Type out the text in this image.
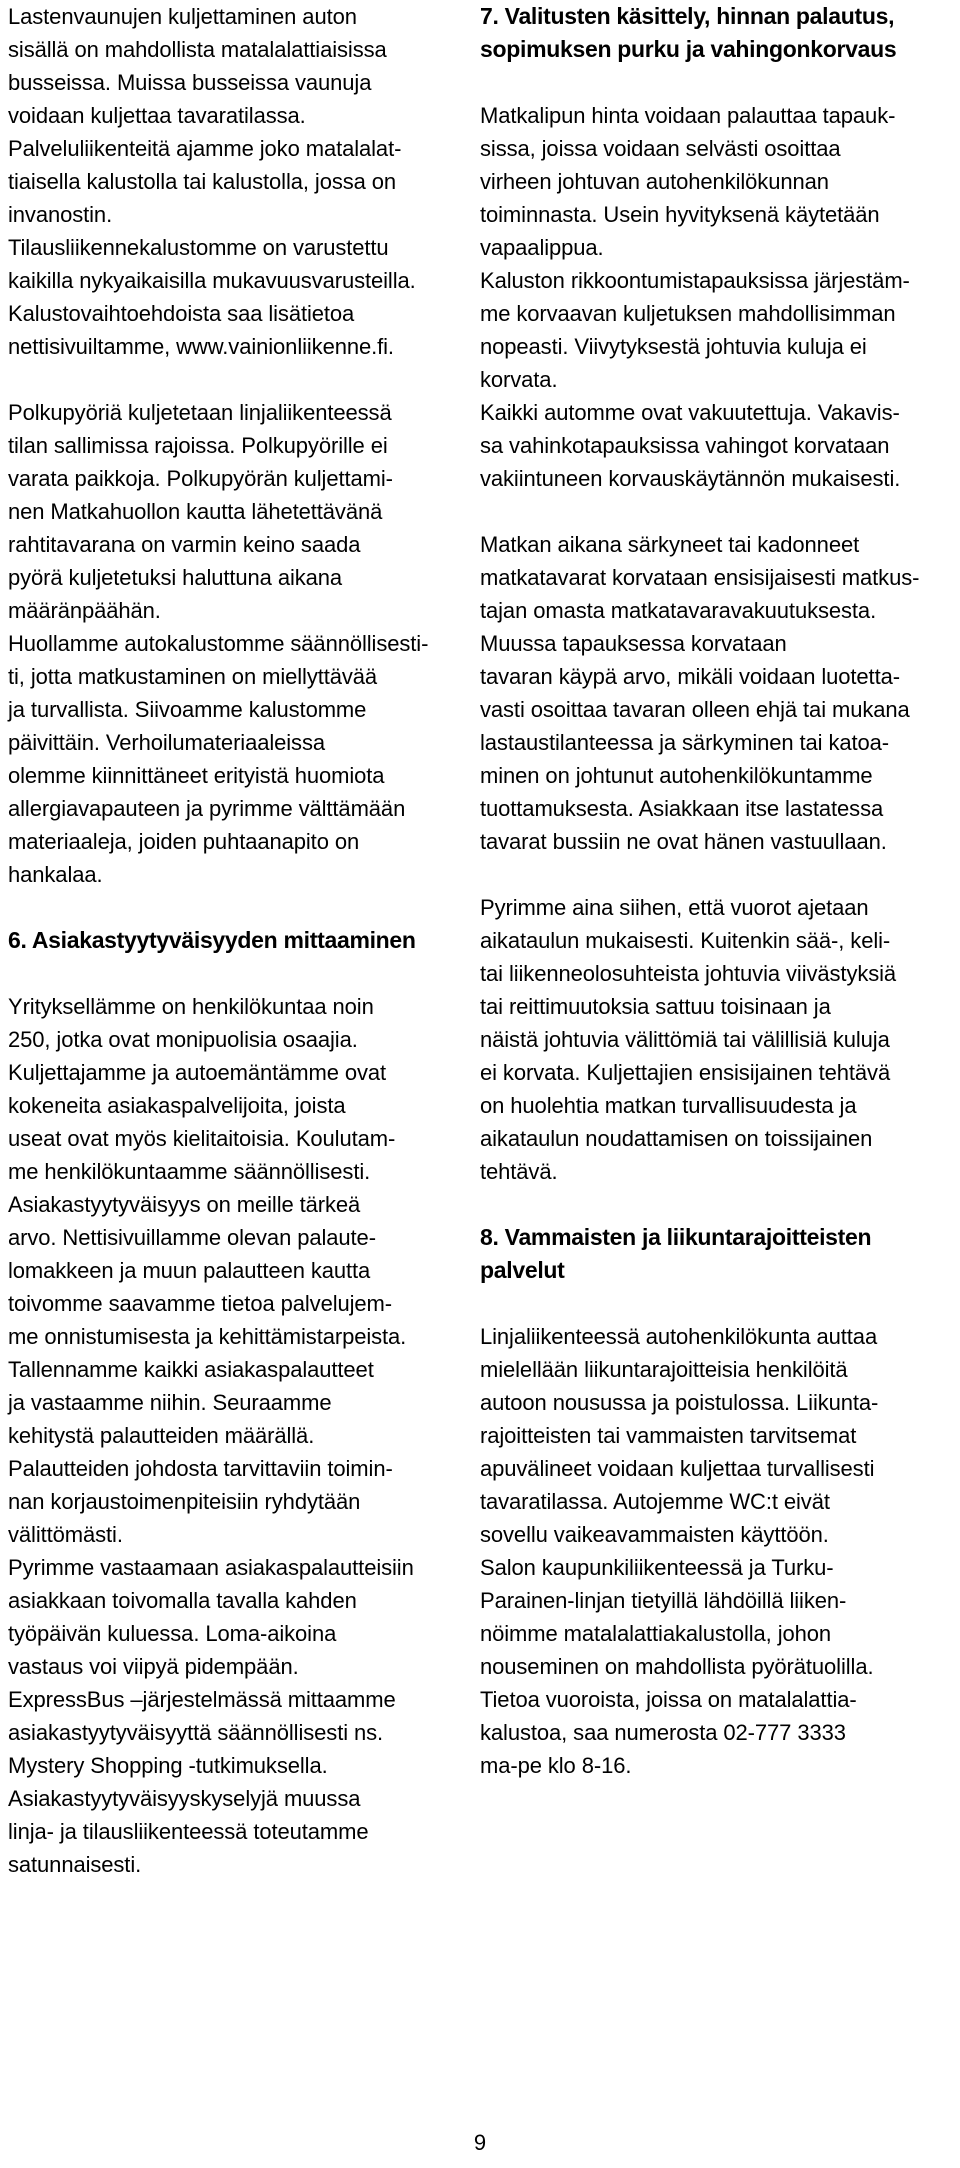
Lastenvaunujen kuljettaminen auton
sisällä on mahdollista matalalattiaisissa
busseissa. Muissa busseissa vaunuja
voidaan kuljettaa tavaratilassa.
Palveluliikenteitä ajamme joko matalalat-
tiaisella kalustolla tai kalustolla, jossa on
invanostin.
Tilausliikennekalustomme on varustettu
kaikilla nykyaikaisilla mukavuusvarusteilla.
Kalustovaihtoehdoista saa lisätietoa
nettisivuiltamme, www.vainionliikenne.fi.
Polkupyöriä kuljetetaan linjaliikenteessä
tilan sallimissa rajoissa. Polkupyörille ei
varata paikkoja. Polkupyörän kuljettami-
nen Matkahuollon kautta lähetettävänä
rahtitavarana on varmin keino saada
pyörä kuljetetuksi haluttuna aikana
määränpäähän.
Huollamme autokalustomme säännöllisesti-
ti, jotta matkustaminen on miellyttävää
ja turvallista. Siivoamme kalustomme
päivittäin. Verhoilumateriaaleissa
olemme kiinnittäneet erityistä huomiota
allergiavapauteen ja pyrimme välttämään
materiaaleja, joiden puhtaanapito on
hankalaa.
6. Asiakastyytyväisyyden mittaaminen
Yrityksellämme on henkilökuntaa noin
250, jotka ovat monipuolisia osaajia.
Kuljettajamme ja autoemäntämme ovat
kokeneita asiakaspalvelijoita, joista
useat ovat myös kielitaitoisia. Koulutam-
me henkilökuntaamme säännöllisesti.
Asiakastyytyväisyys on meille tärkeä
arvo. Nettisivuillamme olevan palaute-
lomakkeen ja muun palautteen kautta
toivomme saavamme tietoa palvelujem-
me onnistumisesta ja kehittämistarpeista.
Tallennamme kaikki asiakaspalautteet
ja vastaamme niihin. Seuraamme
kehitystä palautteiden määrällä.
Palautteiden johdosta tarvittaviin toimin-
nan korjaustoimenpiteisiin ryhdytään
välittömästi.
Pyrimme vastaamaan asiakaspalautteisiin
asiakkaan toivomalla tavalla kahden
työpäivän kuluessa. Loma-aikoina
vastaus voi viipyä pidempään.
ExpressBus –järjestelmässä mittaamme
asiakastyytyväisyyttä säännöllisesti ns.
Mystery Shopping -tutkimuksella.
Asiakastyytyväisyyskyselyjä muussa
linja- ja tilausliikenteessä toteutamme
satunnaisesti.
7. Valitusten käsittely, hinnan palautus,
sopimuksen purku ja vahingonkorvaus
Matkalipun hinta voidaan palauttaa tapauk-
sissa, joissa voidaan selvästi osoittaa
virheen johtuvan autohenkilökunnan
toiminnasta. Usein hyvityksenä käytetään
vapaalippua.
Kaluston rikkoontumistapauksissa järjestäm-
me korvaavan kuljetuksen mahdollisimman
nopeasti. Viivytyksestä johtuvia kuluja ei
korvata.
Kaikki automme ovat vakuutettuja. Vakavis-
sa vahinkotapauksissa vahingot korvataan
vakiintuneen korvauskäytännön mukaisesti.
Matkan aikana särkyneet tai kadonneet
matkatavarat korvataan ensisijaisesti matkus-
tajan omasta matkatavaravakuutuksesta.
Muussa tapauksessa korvataan
tavaran käypä arvo, mikäli voidaan luotetta-
vasti osoittaa tavaran olleen ehjä tai mukana
lastaustilanteessa ja särkyminen tai katoa-
minen on johtunut autohenkilökuntamme
tuottamuksesta. Asiakkaan itse lastatessa
tavarat bussiin ne ovat hänen vastuullaan.
Pyrimme aina siihen, että vuorot ajetaan
aikataulun mukaisesti. Kuitenkin sää-, keli-
tai liikenneolosuhteista johtuvia viivästyksiä
tai reittimuutoksia sattuu toisinaan ja
näistä johtuvia välittömiä tai välillisiä kuluja
ei korvata. Kuljettajien ensisijainen tehtävä
on huolehtia matkan turvallisuudesta ja
aikataulun noudattamisen on toissijainen
tehtävä.
8. Vammaisten ja liikuntarajoitteisten
palvelut
Linjaliikenteessä autohenkilökunta auttaa
mielellään liikuntarajoitteisia henkilöitä
autoon nousussa ja poistulossa. Liikunta-
rajoitteisten tai vammaisten tarvitsemat
apuvälineet voidaan kuljettaa turvallisesti
tavaratilassa. Autojemme WC:t eivät
sovellu vaikeavammaisten käyttöön.
Salon kaupunkiliikenteessä ja Turku-
Parainen-linjan tietyillä lähdöillä liiken-
nöimme matalalattiakalustolla, johon
nouseminen on mahdollista pyörätuolilla.
Tietoa vuoroista, joissa on matalalattia-
kalustoa, saa numerosta 02-777 3333
ma-pe klo 8-16.
9
